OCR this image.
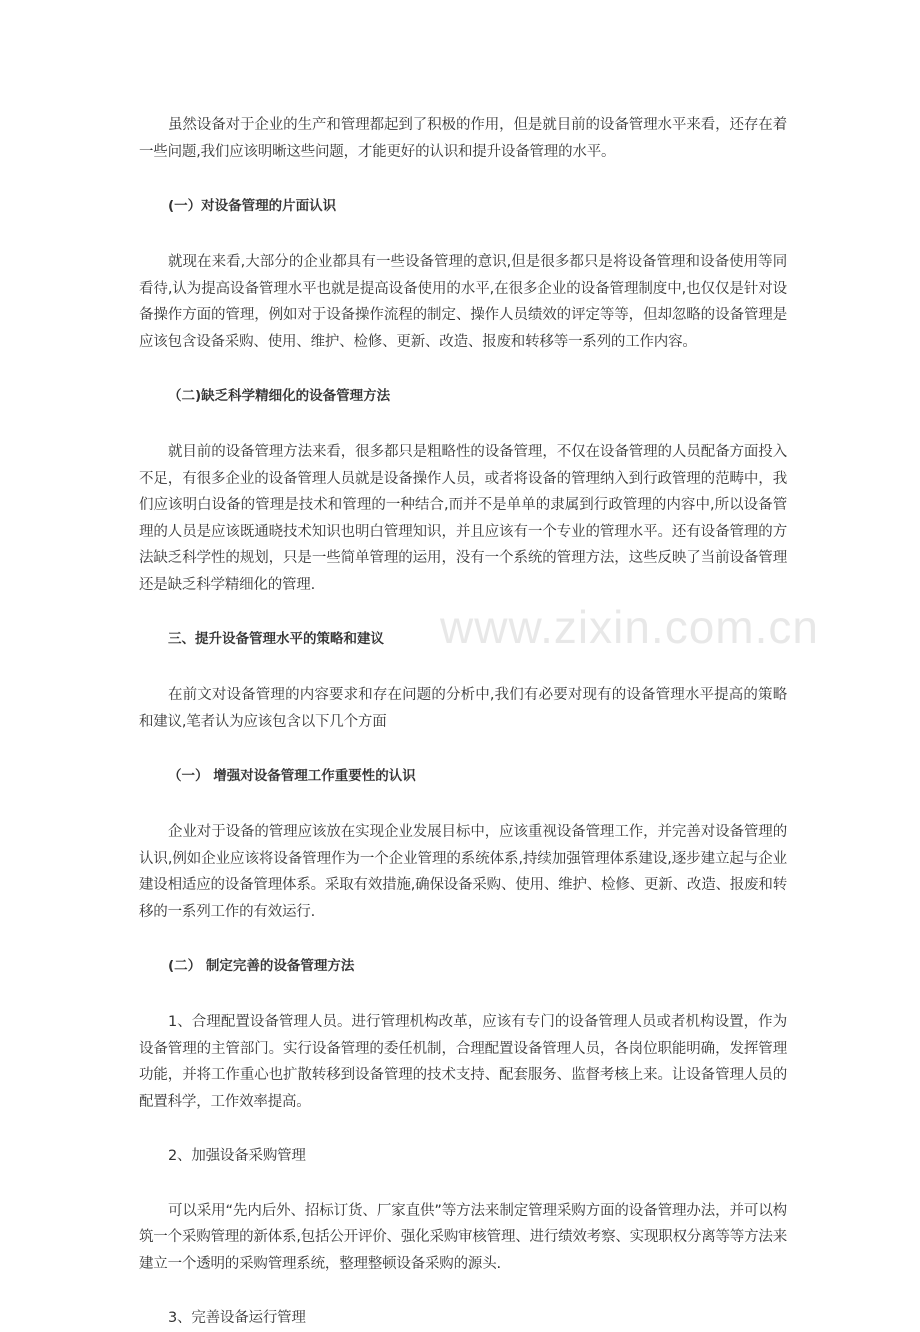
虽然设备对于企业的生产和管理都起到了积极的作用，但是就目前的设备管理水平来看，还存在着一些问题,我们应该明晰这些问题，才能更好的认识和提升设备管理的水平。

(一）对设备管理的片面认识

就现在来看,大部分的企业都具有一些设备管理的意识,但是很多都只是将设备管理和设备使用等同看待,认为提高设备管理水平也就是提高设备使用的水平,在很多企业的设备管理制度中,也仅仅是针对设备操作方面的管理，例如对于设备操作流程的制定、操作人员绩效的评定等等，但却忽略的设备管理是应该包含设备采购、使用、维护、检修、更新、改造、报废和转移等一系列的工作内容。

（二)缺乏科学精细化的设备管理方法

就目前的设备管理方法来看，很多都只是粗略性的设备管理，不仅在设备管理的人员配备方面投入不足，有很多企业的设备管理人员就是设备操作人员，或者将设备的管理纳入到行政管理的范畴中，我们应该明白设备的管理是技术和管理的一种结合,而并不是单单的隶属到行政管理的内容中,所以设备管理的人员是应该既通晓技术知识也明白管理知识，并且应该有一个专业的管理水平。还有设备管理的方法缺乏科学性的规划，只是一些简单管理的运用，没有一个系统的管理方法，这些反映了当前设备管理还是缺乏科学精细化的管理.

三、提升设备管理水平的策略和建议

在前文对设备管理的内容要求和存在问题的分析中,我们有必要对现有的设备管理水平提高的策略和建议,笔者认为应该包含以下几个方面

（一） 增强对设备管理工作重要性的认识

企业对于设备的管理应该放在实现企业发展目标中，应该重视设备管理工作，并完善对设备管理的认识,例如企业应该将设备管理作为一个企业管理的系统体系,持续加强管理体系建设,逐步建立起与企业建设相适应的设备管理体系。采取有效措施,确保设备采购、使用、维护、检修、更新、改造、报废和转移的一系列工作的有效运行.

(二） 制定完善的设备管理方法

1、合理配置设备管理人员。进行管理机构改革，应该有专门的设备管理人员或者机构设置，作为设备管理的主管部门。实行设备管理的委任机制，合理配置设备管理人员，各岗位职能明确，发挥管理功能，并将工作重心也扩散转移到设备管理的技术支持、配套服务、监督考核上来。让设备管理人员的配置科学，工作效率提高。

2、加强设备采购管理

可以采用“先内后外、招标订货、厂家直供”等方法来制定管理采购方面的设备管理办法，并可以构筑一个采购管理的新体系,包括公开评价、强化采购审核管理、进行绩效考察、实现职权分离等等方法来建立一个透明的采购管理系统，整理整顿设备采购的源头.

3、完善设备运行管理

www.zixin.com.cn
